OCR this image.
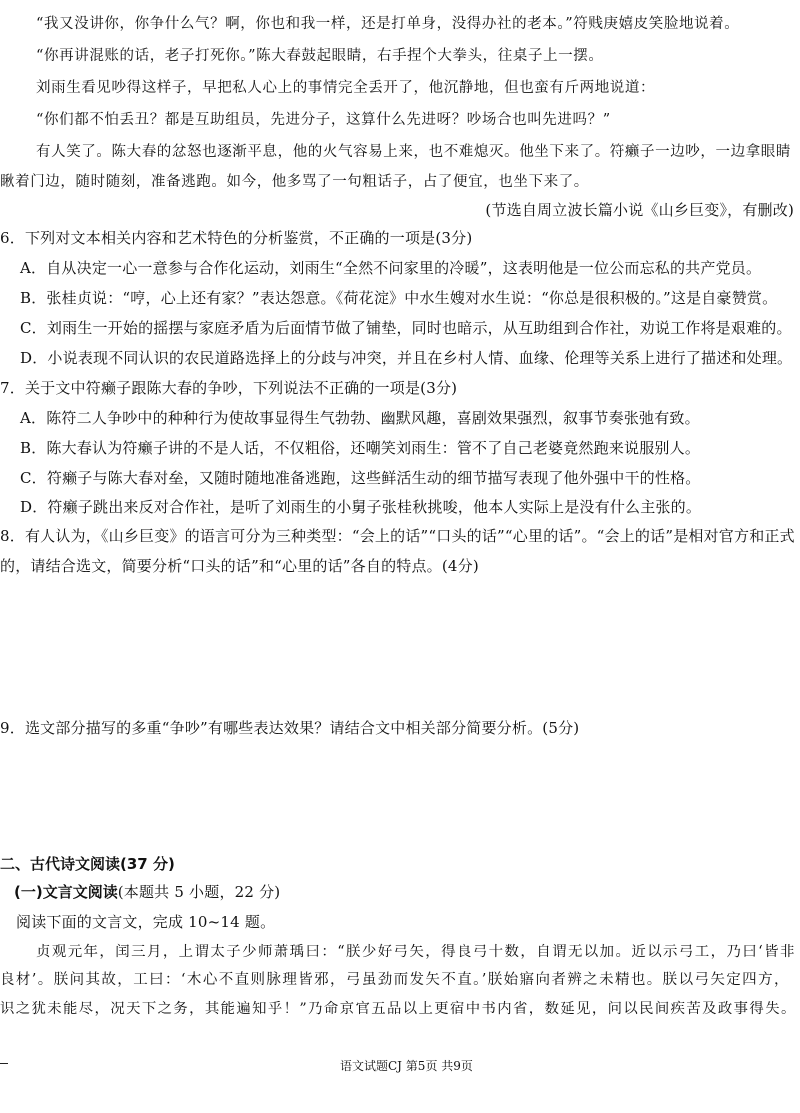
“我又没讲你，你争什么气？啊，你也和我一样，还是打单身，没得办社的老本。”符贱庚嬉皮笑脸地说着。
“你再讲混账的话，老子打死你。”陈大春鼓起眼睛，右手捏个大拳头，往桌子上一摆。
刘雨生看见吵得这样子，早把私人心上的事情完全丢开了，他沉静地，但也蛮有斤两地说道：
“你们都不怕丢丑？都是互助组员，先进分子，这算什么先进呀？吵场合也叫先进吗？”
有人笑了。陈大春的忿怒也逐渐平息，他的火气容易上来，也不难熄灭。他坐下来了。符癞子一边吵，一边拿眼睛
瞅着门边，随时随刻，准备逃跑。如今，他多骂了一句粗话子，占了便宜，也坐下来了。
(节选自周立波长篇小说《山乡巨变》，有删改)
6．下列对文本相关内容和艺术特色的分析鉴赏，不正确的一项是(3分)
A．自从决定一心一意参与合作化运动，刘雨生“全然不问家里的冷暖”，这表明他是一位公而忘私的共产党员。
B．张桂贞说：“哼，心上还有家？”表达怨意。《荷花淀》中水生嫂对水生说：“你总是很积极的。”这是自豪赞赏。
C．刘雨生一开始的摇摆与家庭矛盾为后面情节做了铺垫，同时也暗示，从互助组到合作社，劝说工作将是艰难的。
D．小说表现不同认识的农民道路选择上的分歧与冲突，并且在乡村人情、血缘、伦理等关系上进行了描述和处理。
7．关于文中符癞子跟陈大春的争吵，下列说法不正确的一项是(3分)
A．陈符二人争吵中的种种行为使故事显得生气勃勃、幽默风趣，喜剧效果强烈，叙事节奏张弛有致。
B．陈大春认为符癞子讲的不是人话，不仅粗俗，还嘲笑刘雨生：管不了自己老婆竟然跑来说服别人。
C．符癞子与陈大春对垒，又随时随地准备逃跑，这些鲜活生动的细节描写表现了他外强中干的性格。
D．符癞子跳出来反对合作社，是听了刘雨生的小舅子张桂秋挑唆，他本人实际上是没有什么主张的。
8．有人认为，《山乡巨变》的语言可分为三种类型：“会上的话”“口头的话”“心里的话”。“会上的话”是相对官方和正式
的，请结合选文，简要分析“口头的话”和“心里的话”各自的特点。(4分)
9．选文部分描写的多重“争吵”有哪些表达效果？请结合文中相关部分简要分析。(5分)
二、古代诗文阅读(37 分)
(一)文言文阅读(本题共 5 小题，22 分)
阅读下面的文言文，完成 10~14 题。
贞观元年，闰三月，上谓太子少师萧瑀曰：“朕少好弓矢，得良弓十数，自谓无以加。近以示弓工，乃曰‘皆非
良材’。朕问其故，工曰：‘木心不直则脉理皆邪，弓虽劲而发矢不直。’朕始寤向者辨之未精也。朕以弓矢定四方，
识之犹未能尽，况天下之务，其能遍知乎！”乃命京官五品以上更宿中书内省，数延见，问以民间疾苦及政事得失。
语文试题CJ 第5页 共9页
